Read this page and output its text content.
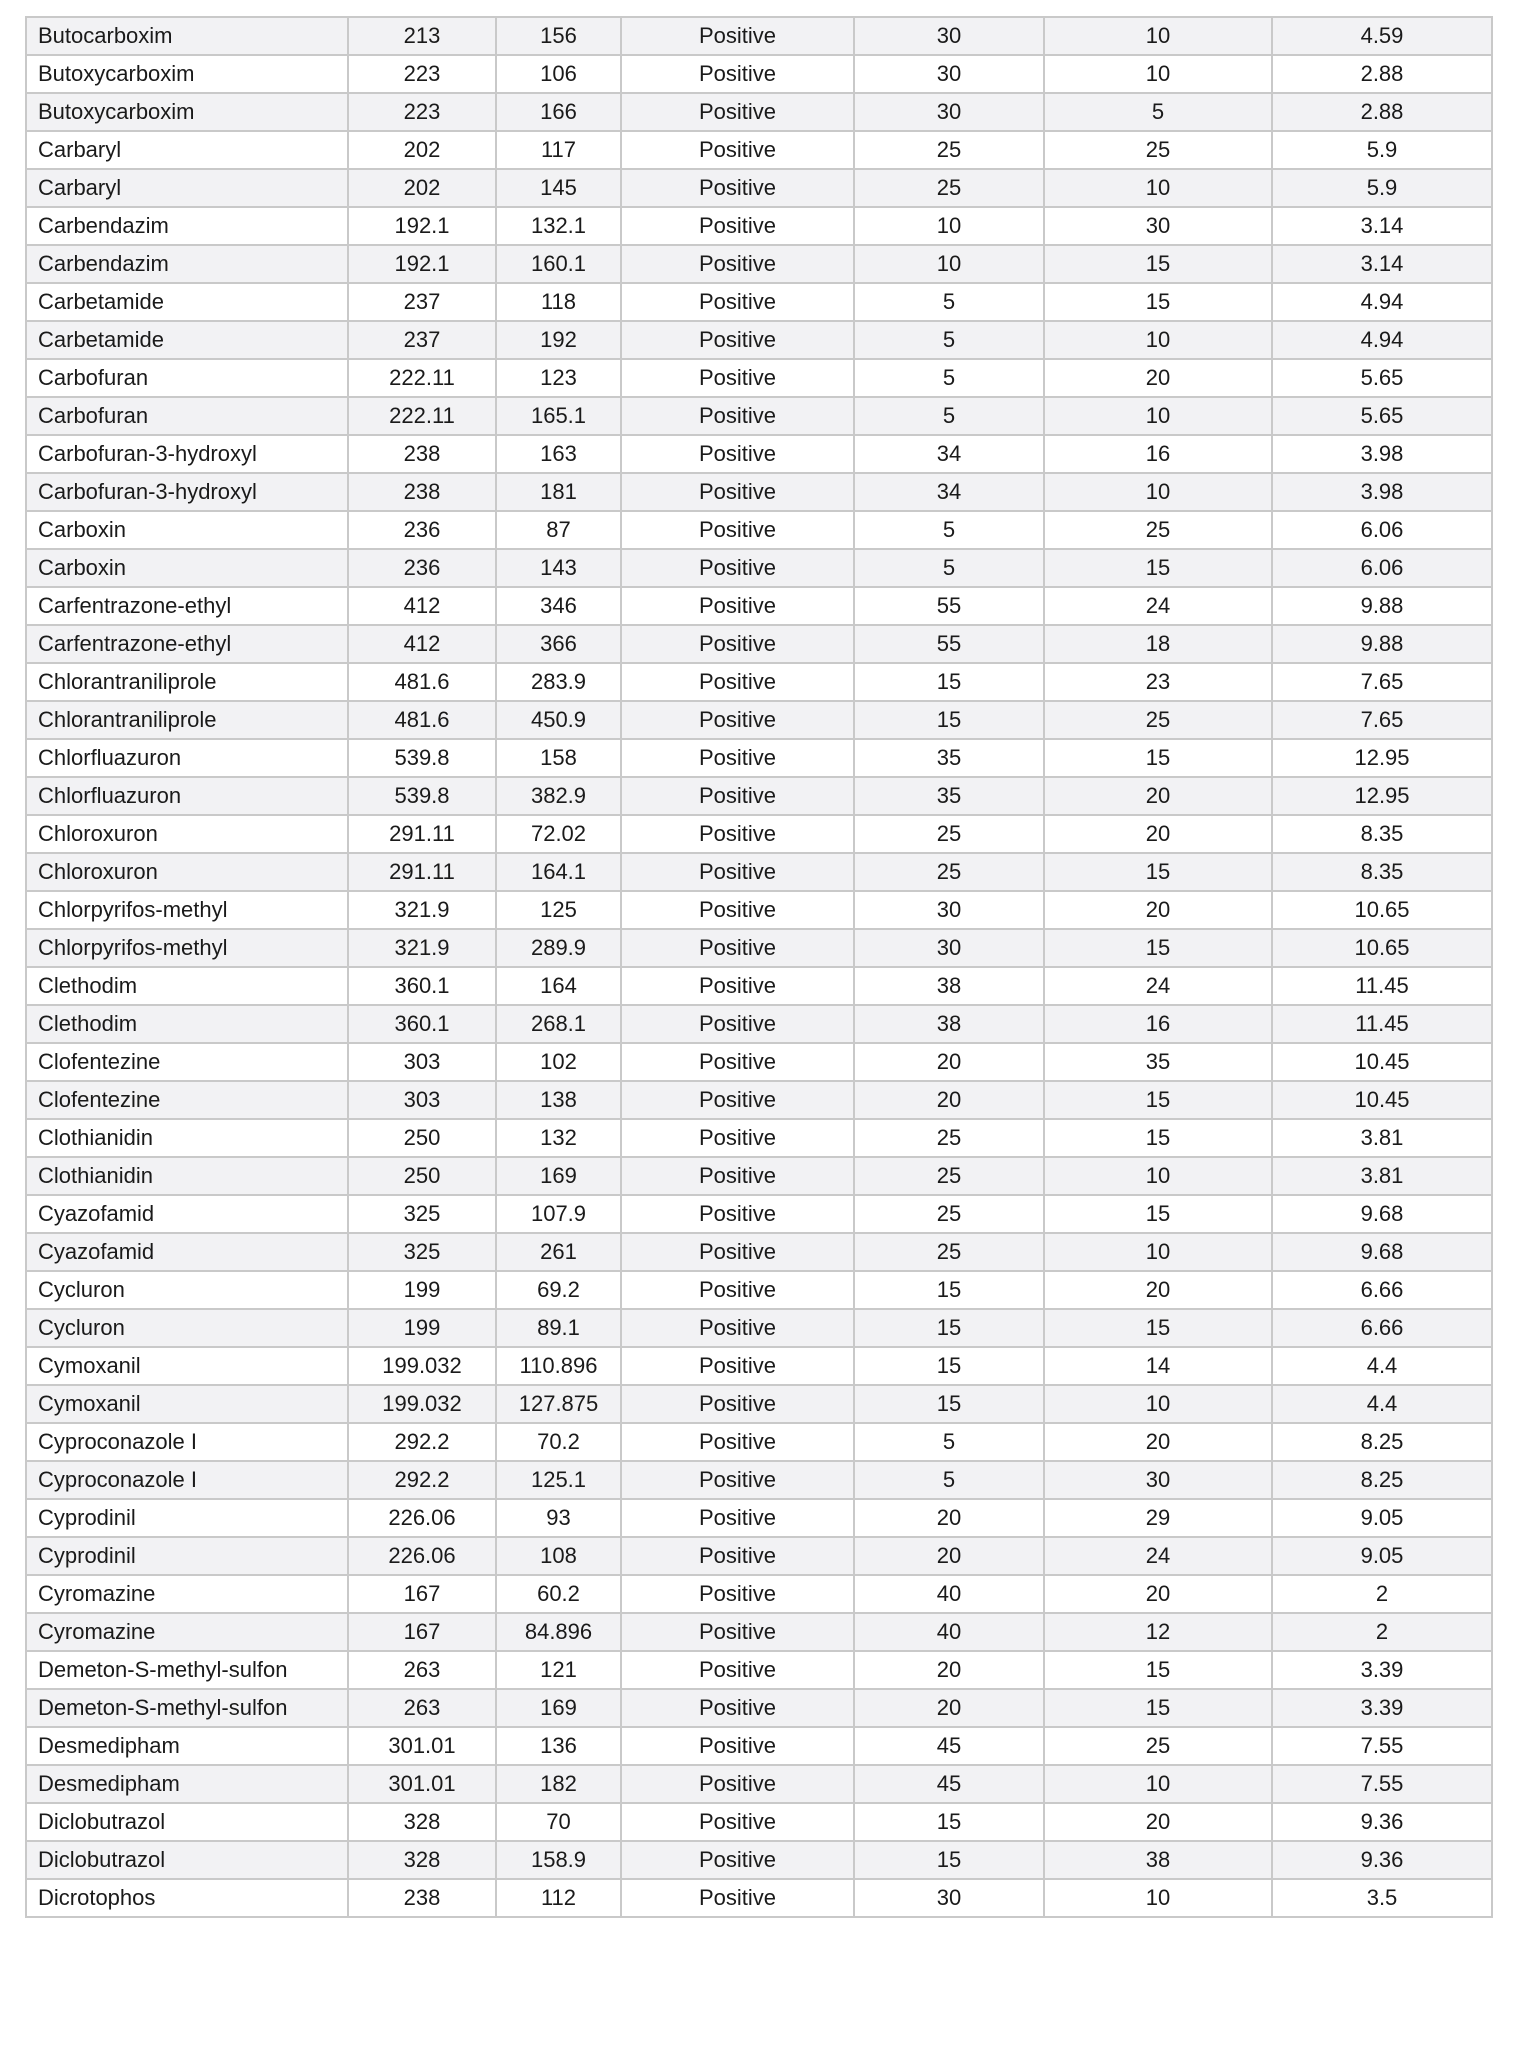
Butocarboxim	213	156	Positive	30	10	4.59
Butoxycarboxim	223	106	Positive	30	10	2.88
Butoxycarboxim	223	166	Positive	30	5	2.88
Carbaryl	202	117	Positive	25	25	5.9
Carbaryl	202	145	Positive	25	10	5.9
Carbendazim	192.1	132.1	Positive	10	30	3.14
Carbendazim	192.1	160.1	Positive	10	15	3.14
Carbetamide	237	118	Positive	5	15	4.94
Carbetamide	237	192	Positive	5	10	4.94
Carbofuran	222.11	123	Positive	5	20	5.65
Carbofuran	222.11	165.1	Positive	5	10	5.65
Carbofuran-3-hydroxyl	238	163	Positive	34	16	3.98
Carbofuran-3-hydroxyl	238	181	Positive	34	10	3.98
Carboxin	236	87	Positive	5	25	6.06
Carboxin	236	143	Positive	5	15	6.06
Carfentrazone-ethyl	412	346	Positive	55	24	9.88
Carfentrazone-ethyl	412	366	Positive	55	18	9.88
Chlorantraniliprole	481.6	283.9	Positive	15	23	7.65
Chlorantraniliprole	481.6	450.9	Positive	15	25	7.65
Chlorfluazuron	539.8	158	Positive	35	15	12.95
Chlorfluazuron	539.8	382.9	Positive	35	20	12.95
Chloroxuron	291.11	72.02	Positive	25	20	8.35
Chloroxuron	291.11	164.1	Positive	25	15	8.35
Chlorpyrifos-methyl	321.9	125	Positive	30	20	10.65
Chlorpyrifos-methyl	321.9	289.9	Positive	30	15	10.65
Clethodim	360.1	164	Positive	38	24	11.45
Clethodim	360.1	268.1	Positive	38	16	11.45
Clofentezine	303	102	Positive	20	35	10.45
Clofentezine	303	138	Positive	20	15	10.45
Clothianidin	250	132	Positive	25	15	3.81
Clothianidin	250	169	Positive	25	10	3.81
Cyazofamid	325	107.9	Positive	25	15	9.68
Cyazofamid	325	261	Positive	25	10	9.68
Cycluron	199	69.2	Positive	15	20	6.66
Cycluron	199	89.1	Positive	15	15	6.66
Cymoxanil	199.032	110.896	Positive	15	14	4.4
Cymoxanil	199.032	127.875	Positive	15	10	4.4
Cyproconazole I	292.2	70.2	Positive	5	20	8.25
Cyproconazole I	292.2	125.1	Positive	5	30	8.25
Cyprodinil	226.06	93	Positive	20	29	9.05
Cyprodinil	226.06	108	Positive	20	24	9.05
Cyromazine	167	60.2	Positive	40	20	2
Cyromazine	167	84.896	Positive	40	12	2
Demeton-S-methyl-sulfon	263	121	Positive	20	15	3.39
Demeton-S-methyl-sulfon	263	169	Positive	20	15	3.39
Desmedipham	301.01	136	Positive	45	25	7.55
Desmedipham	301.01	182	Positive	45	10	7.55
Diclobutrazol	328	70	Positive	15	20	9.36
Diclobutrazol	328	158.9	Positive	15	38	9.36
Dicrotophos	238	112	Positive	30	10	3.5
